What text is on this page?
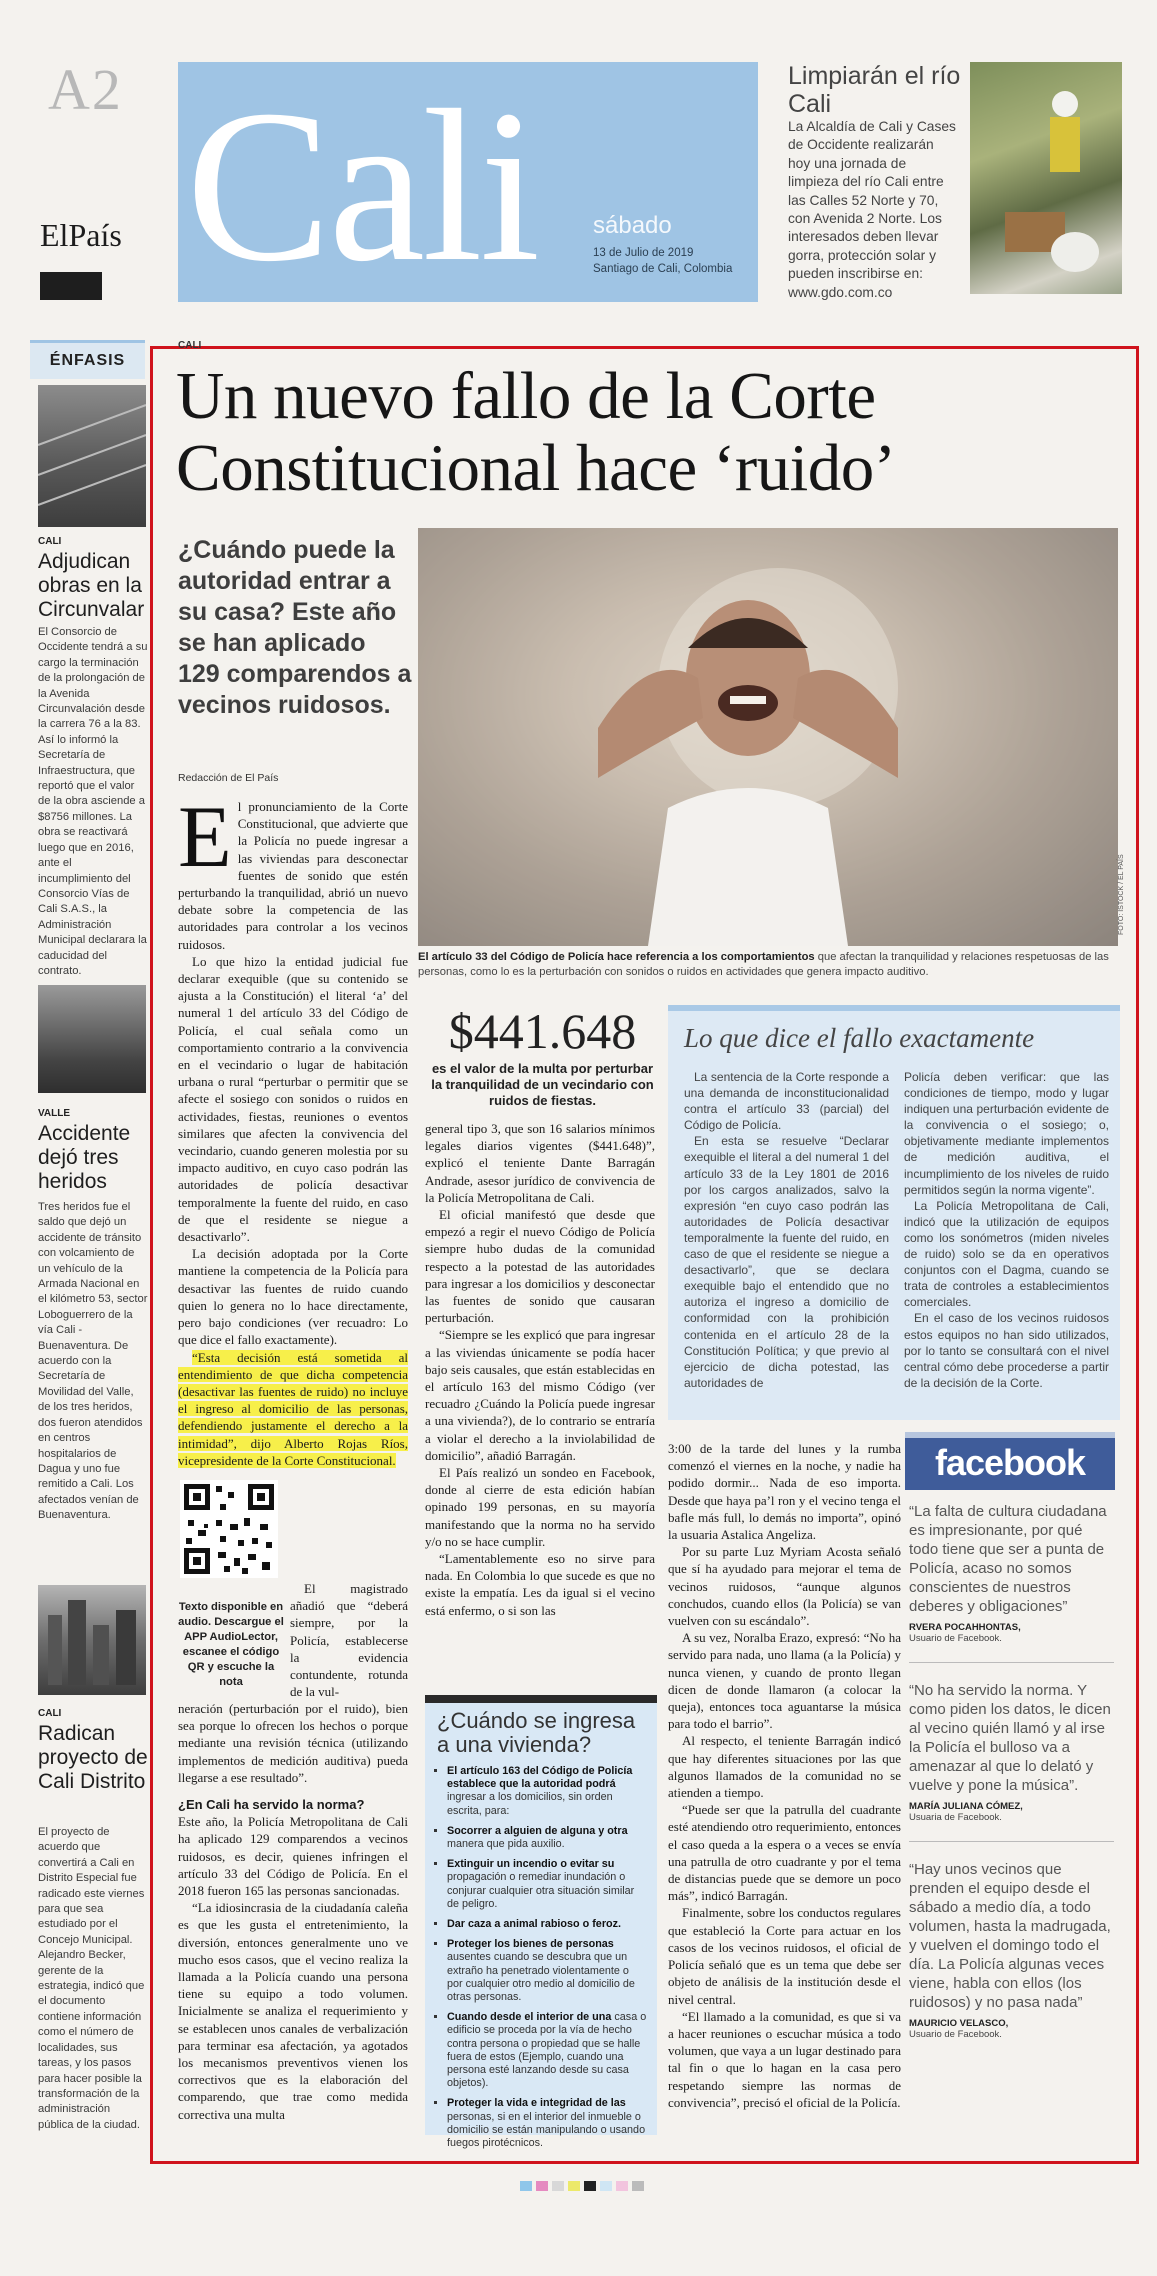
A2
ElPaís Cali sábado
13 de Julio de 2019
Santiago de Cali, Colombia
Limpiarán el río Cali
La Alcaldía de Cali y Cases de Occidente realizarán hoy una jornada de limpieza del río Cali entre las Calles 52 Norte y 70, con Avenida 2 Norte. Los interesados deben llevar gorra, protección solar y pueden inscribirse en: www.gdo.com.co
ÉNFASIS
CALI
Adjudican obras en la Circunvalar
El Consorcio de Occidente tendrá a su cargo la terminación de la prolongación de la Avenida Circunvalación desde la carrera 76 a la 83. Así lo informó la Secretaría de Infraestructura, que reportó que el valor de la obra asciende a $8756 millones. La obra se reactivará luego que en 2016, ante el incumplimiento del Consorcio Vías de Cali S.A.S., la Administración Municipal declarara la caducidad del contrato.
VALLE
Accidente dejó tres heridos
Tres heridos fue el saldo que dejó un accidente de tránsito con volcamiento de un vehículo de la Armada Nacional en el kilómetro 53, sector Loboguerrero de la vía Cali - Buenaventura. De acuerdo con la Secretaría de Movilidad del Valle, de los tres heridos, dos fueron atendidos en centros hospitalarios de Dagua y uno fue remitido a Cali. Los afectados venían de Buenaventura.
CALI
Radican proyecto de Cali Distrito
El proyecto de acuerdo que convertirá a Cali en Distrito Especial fue radicado este viernes para que sea estudiado por el Concejo Municipal. Alejandro Becker, gerente de la estrategia, indicó que el documento contiene información como el número de localidades, sus tareas, y los pasos para hacer posible la transformación de la administración pública de la ciudad.
CALI
Un nuevo fallo de la Corte Constitucional hace ‘ruido’
¿Cuándo puede la autoridad entrar a su casa? Este año se han aplicado 129 comparendos a vecinos ruidosos.
Redacción de El País
FOTO: ISTOCK / EL PAÍS
El artículo 33 del Código de Policía hace referencia a los comportamientos que afectan la tranquilidad y relaciones respetuosas de las personas, como lo es la perturbación con sonidos o ruidos en actividades que genera impacto auditivo.
E l pronunciamiento de la Corte Constitucional, que advierte que la Policía no puede ingresar a las viviendas para desconectar fuentes de sonido que estén perturbando la tranquilidad, abrió un nuevo debate sobre la competencia de las autoridades para controlar a los vecinos ruidosos.

Lo que hizo la entidad judicial fue declarar exequible (que su contenido se ajusta a la Constitución) el literal ‘a’ del numeral 1 del artículo 33 del Código de Policía, el cual señala como un comportamiento contrario a la convivencia en el vecindario o lugar de habitación urbana o rural “perturbar o permitir que se afecte el sosiego con sonidos o ruidos en actividades, fiestas, reuniones o eventos similares que afecten la convivencia del vecindario, cuando generen molestia por su impacto auditivo, en cuyo caso podrán las autoridades de policía desactivar temporalmente la fuente del ruido, en caso de que el residente se niegue a desactivarlo”.

La decisión adoptada por la Corte mantiene la competencia de la Policía para desactivar las fuentes de ruido cuando quien lo genera no lo hace directamente, pero bajo condiciones (ver recuadro: Lo que dice el fallo exactamente).

“Esta decisión está sometida al entendimiento de que dicha competencia (desactivar las fuentes de ruido) no incluye el ingreso al domicilio de las personas, defendiendo justamente el derecho a la intimidad”, dijo Alberto Rojas Ríos, vicepresidente de la Corte Constitucional.

Texto disponible en audio. Descargue el APP AudioLector, escanee el código QR y escuche la nota

El magistrado añadió que “deberá siempre, por la Policía, establecerse la evidencia contundente, rotunda de la vul-

neración (perturbación por el ruido), bien sea porque lo ofrecen los hechos o porque mediante una revisión técnica (utilizando implementos de medición auditiva) pueda llegarse a ese resultado”.

¿En Cali ha servido la norma?

Este año, la Policía Metropolitana de Cali ha aplicado 129 comparendos a vecinos ruidosos, es decir, quienes infringen el artículo 33 del Código de Policía. En el 2018 fueron 165 las personas sancionadas.

“La idiosincrasia de la ciudadanía caleña es que les gusta el entretenimiento, la diversión, entonces generalmente uno ve mucho esos casos, que el vecino realiza la llamada a la Policía cuando una persona tiene su equipo a todo volumen. Inicialmente se analiza el requerimiento y se establecen unos canales de verbalización para terminar esa afectación, ya agotados los mecanismos preventivos vienen los correctivos que es la elaboración del comparendo, que trae como medida correctiva una multa

$441.648
es el valor de la multa por perturbar la tranquilidad de un vecindario con ruidos de fiestas.

general tipo 3, que son 16 salarios mínimos legales diarios vigentes ($441.648)”, explicó el teniente Dante Barragán Andrade, asesor jurídico de convivencia de la Policía Metropolitana de Cali.

El oficial manifestó que desde que empezó a regir el nuevo Código de Policía siempre hubo dudas de la comunidad respecto a la potestad de las autoridades para ingresar a los domicilios y desconectar las fuentes de sonido que causaran perturbación.

“Siempre se les explicó que para ingresar a las viviendas únicamente se podía hacer bajo seis causales, que están establecidas en el artículo 163 del mismo Código (ver recuadro ¿Cuándo la Policía puede ingresar a una vivienda?), de lo contrario se entraría a violar el derecho a la inviolabilidad de domicilio”, añadió Barragán.

El País realizó un sondeo en Facebook, donde al cierre de esta edición habían opinado 199 personas, en su mayoría manifestando que la norma no ha servido y/o no se hace cumplir.

“Lamentablemente eso no sirve para nada. En Colombia lo que sucede es que no existe la empatía. Les da igual si el vecino está enfermo, o si son las

¿Cuándo se ingresa a una vivienda?
▪ El artículo 163 del Código de Policía establece que la autoridad podrá ingresar a los domicilios, sin orden escrita, para:
▪ Socorrer a alguien de alguna y otra manera que pida auxilio.
▪ Extinguir un incendio o evitar su propagación o remediar inundación o conjurar cualquier otra situación similar de peligro.
▪ Dar caza a animal rabioso o feroz.
▪ Proteger los bienes de personas ausentes cuando se descubra que un extraño ha penetrado violentamente o por cualquier otro medio al domicilio de otras personas.
▪ Cuando desde el interior de una casa o edificio se proceda por la vía de hecho contra persona o propiedad que se halle fuera de estos (Ejemplo, cuando una persona esté lanzando desde su casa objetos).
▪ Proteger la vida e integridad de las personas, si en el interior del inmueble o domicilio se están manipulando o usando fuegos pirotécnicos.
Lo que dice el fallo exactamente

La sentencia de la Corte responde a una demanda de inconstitucionalidad contra el artículo 33 (parcial) del Código de Policía.

En esta se resuelve “Declarar exequible el literal a del numeral 1 del artículo 33 de la Ley 1801 de 2016 por los cargos analizados, salvo la expresión “en cuyo caso podrán las autoridades de Policía desactivar temporalmente la fuente del ruido, en caso de que el residente se niegue a desactivarlo”, que se declara exequible bajo el entendido que no autoriza el ingreso a domicilio de conformidad con la prohibición contenida en el artículo 28 de la Constitución Política; y que previo al ejercicio de dicha potestad, las autoridades de

Policía deben verificar: que las condiciones de tiempo, modo y lugar indiquen una perturbación evidente de la convivencia o el sosiego; o, objetivamente mediante implementos de medición auditiva, el incumplimiento de los niveles de ruido permitidos según la norma vigente”.

La Policía Metropolitana de Cali, indicó que la utilización de equipos como los sonómetros (miden niveles de ruido) solo se da en operativos conjuntos con el Dagma, cuando se trata de controles a establecimientos comerciales.

En el caso de los vecinos ruidosos estos equipos no han sido utilizados, por lo tanto se consultará con el nivel central cómo debe procederse a partir de la decisión de la Corte.

3:00 de la tarde del lunes y la rumba comenzó el viernes en la noche, y nadie ha podido dormir... Nada de eso importa. Desde que haya pa’l ron y el vecino tenga el bafle más full, lo demás no importa”, opinó la usuaria Astalica Angeliza.

Por su parte Luz Myriam Acosta señaló que sí ha ayudado para mejorar el tema de vecinos ruidosos, “aunque algunos conchudos, cuando ellos (la Policía) se van vuelven con su escándalo”.

A su vez, Noralba Erazo, expresó: “No ha servido para nada, uno llama (a la Policía) y nunca vienen, y cuando de pronto llegan dicen de donde llamaron (a colocar la queja), entonces toca aguantarse la música para todo el barrio”.

Al respecto, el teniente Barragán indicó que hay diferentes situaciones por las que algunos llamados de la comunidad no se atienden a tiempo.

“Puede ser que la patrulla del cuadrante esté atendiendo otro requerimiento, entonces el caso queda a la espera o a veces se envía una patrulla de otro cuadrante y por el tema de distancias puede que se demore un poco más”, indicó Barragán.

Finalmente, sobre los conductos regulares que estableció la Corte para actuar en los casos de los vecinos ruidosos, el oficial de Policía señaló que es un tema que debe ser objeto de análisis de la institución desde el nivel central.

“El llamado a la comunidad, es que si va a hacer reuniones o escuchar música a todo volumen, que vaya a un lugar destinado para tal fin o que lo hagan en la casa pero respetando siempre las normas de convivencia”, precisó el oficial de la Policía.

facebook
“La falta de cultura ciudadana es impresionante, por qué todo tiene que ser a punta de Policía, acaso no somos conscientes de nuestros deberes y obligaciones”
RVERA POCAHHONTAS,
Usuario de Facebook.
“No ha servido la norma. Y como piden los datos, le dicen al vecino quién llamó y al irse la Policía el bulloso va a amenazar al que lo delató y vuelve y pone la música”.
MARÍA JULIANA CÓMEZ,
Usuaria de Facebook.
“Hay unos vecinos que prenden el equipo desde el sábado a medio día, a todo volumen, hasta la madrugada, y vuelven el domingo todo el día. La Policía algunas veces viene, habla con ellos (los ruidosos) y no pasa nada”
MAURICIO VELASCO,
Usuario de Facebook.
